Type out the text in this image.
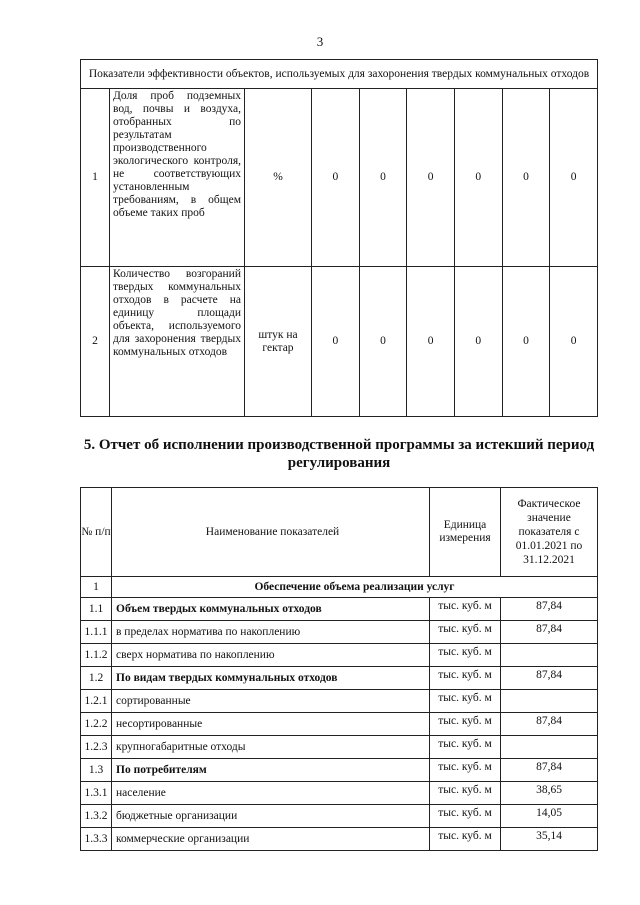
3
Показатели эффективности объектов, используемых для захоронения твердых коммунальных отходов								
1	Доля проб подземных вод, почвы и воздуха, отобранных по результатам производственного экологического контроля, не соответствующих установленным требованиям, в общем объеме таких проб	%	0	0	0	0	0	0
2	Количество возгораний твердых коммунальных отходов в расчете на единицу площади объекта, используемого для захоронения твердых коммунальных отходов	штук на гектар	0	0	0	0	0	0
5. Отчет об исполнении производственной программы за истекший период регулирования
№ п/п	Наименование показателей	Единица измерения	Фактическое значение показателя с 01.01.2021 по 31.12.2021
1	Обеспечение объема реализации услуг		
1.1	Объем твердых коммунальных отходов	тыс. куб. м	87,84
1.1.1	в пределах норматива по накоплению	тыс. куб. м	87,84
1.1.2	сверх норматива по накоплению	тыс. куб. м	
1.2	По видам твердых коммунальных отходов	тыс. куб. м	87,84
1.2.1	сортированные	тыс. куб. м	
1.2.2	несортированные	тыс. куб. м	87,84
1.2.3	крупногабаритные отходы	тыс. куб. м	
1.3	По потребителям	тыс. куб. м	87,84
1.3.1	население	тыс. куб. м	38,65
1.3.2	бюджетные организации	тыс. куб. м	14,05
1.3.3	коммерческие организации	тыс. куб. м	35,14
